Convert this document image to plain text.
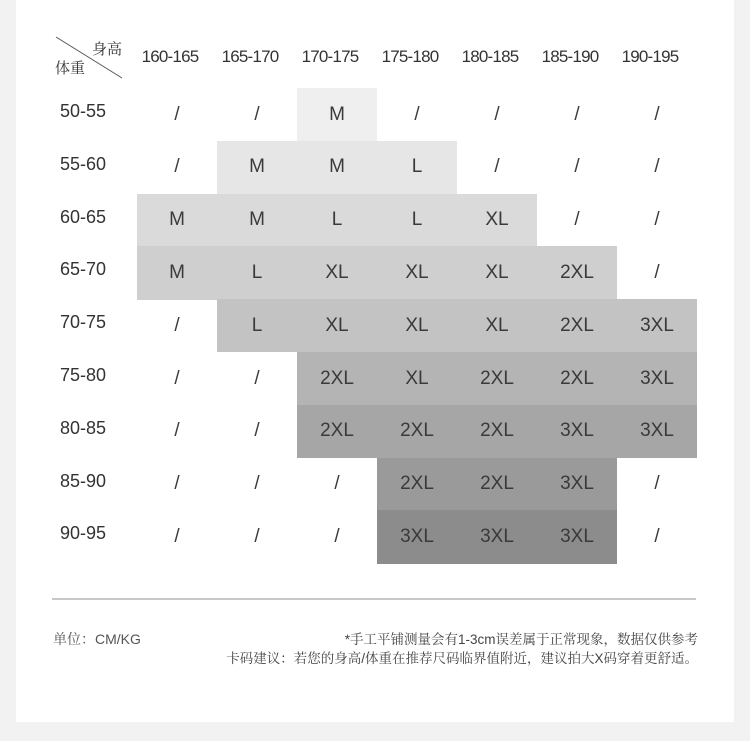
身高
体重
160-165	165-170	170-175	175-180	180-185	185-190	190-195
50-55	/	/	M	/	/	/	/
55-60	/	M	M	L	/	/	/
60-65	M	M	L	L	XL	/	/
65-70	M	L	XL	XL	XL	2XL	/
70-75	/	L	XL	XL	XL	2XL	3XL
75-80	/	/	2XL	XL	2XL	2XL	3XL
80-85	/	/	2XL	2XL	2XL	3XL	3XL
85-90	/	/	/	2XL	2XL	3XL	/
90-95	/	/	/	3XL	3XL	3XL	/
单位：CM/KG	*手工平铺测量会有1-3cm误差属于正常现象，数据仅供参考
卡码建议：若您的身高/体重在推荐尺码临界值附近，建议拍大X码穿着更舒适。
